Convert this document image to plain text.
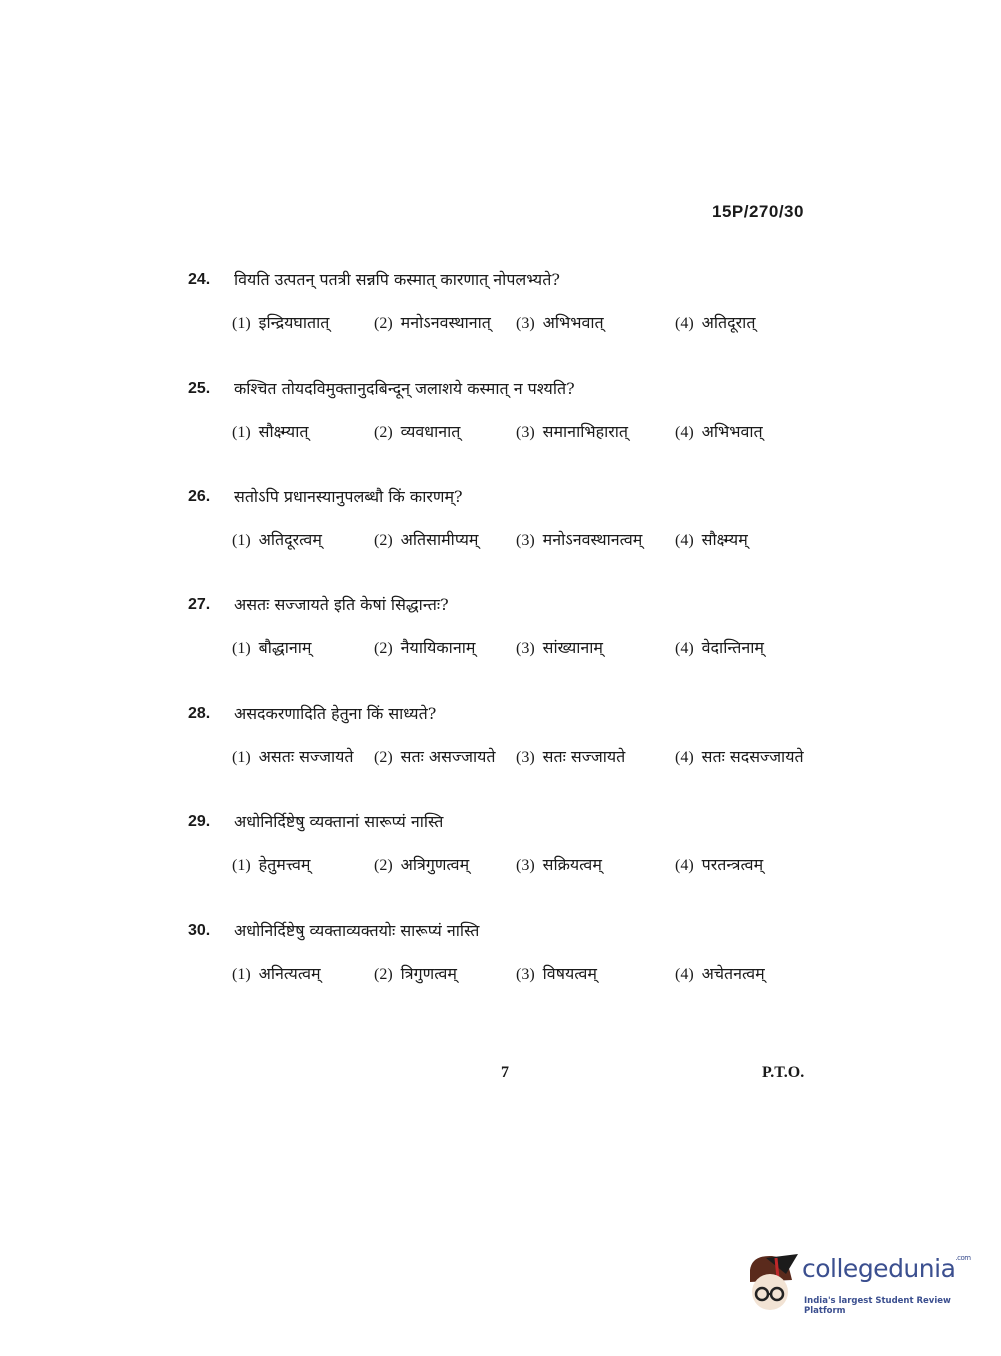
15P/270/30
24. वियति उत्पतन् पतत्री सन्नपि कस्मात् कारणात् नोपलभ्यते?
(1) इन्द्रियघातात्	(2) मनोऽनवस्थानात् (3) अभिभवात्	(4) अतिदूरात्
25. कश्चित तोयदविमुक्तानुदबिन्दून् जलाशये कस्मात् न पश्यति?
(1) सौक्ष्म्यात्	(2) व्यवधानात्	(3) समानाभिहारात्	(4) अभिभवात्
26. सतोऽपि प्रधानस्यानुपलब्धौ किं कारणम्?
(1) अतिदूरत्वम्	(2) अतिसामीप्यम् (3) मनोऽनवस्थानत्वम् (4) सौक्ष्म्यम्
27. असतः सज्जायते इति केषां सिद्धान्तः?
(1) बौद्धानाम्	(2) नैयायिकानाम्	(3) सांख्यानाम्	(4) वेदान्तिनाम्
28. असदकरणादिति हेतुना किं साध्यते?
(1) असतः सज्जायते (2) सतः असज्जायते (3) सतः सज्जायते	(4) सतः सदसज्जायते
29. अधोनिर्दिष्टेषु व्यक्तानां सारूप्यं नास्ति
(1) हेतुमत्त्वम्	(2) अत्रिगुणत्वम्	(3) सक्रियत्वम्	(4) परतन्त्रत्वम्
30. अधोनिर्दिष्टेषु व्यक्ताव्यक्तयोः सारूप्यं नास्ति
(1) अनित्यत्वम्	(2) त्रिगुणत्वम्	(3) विषयत्वम्	(4) अचेतनत्वम्
7	P.T.O.
collegedunia$^{.com}$
India's largest Student Review Platform
